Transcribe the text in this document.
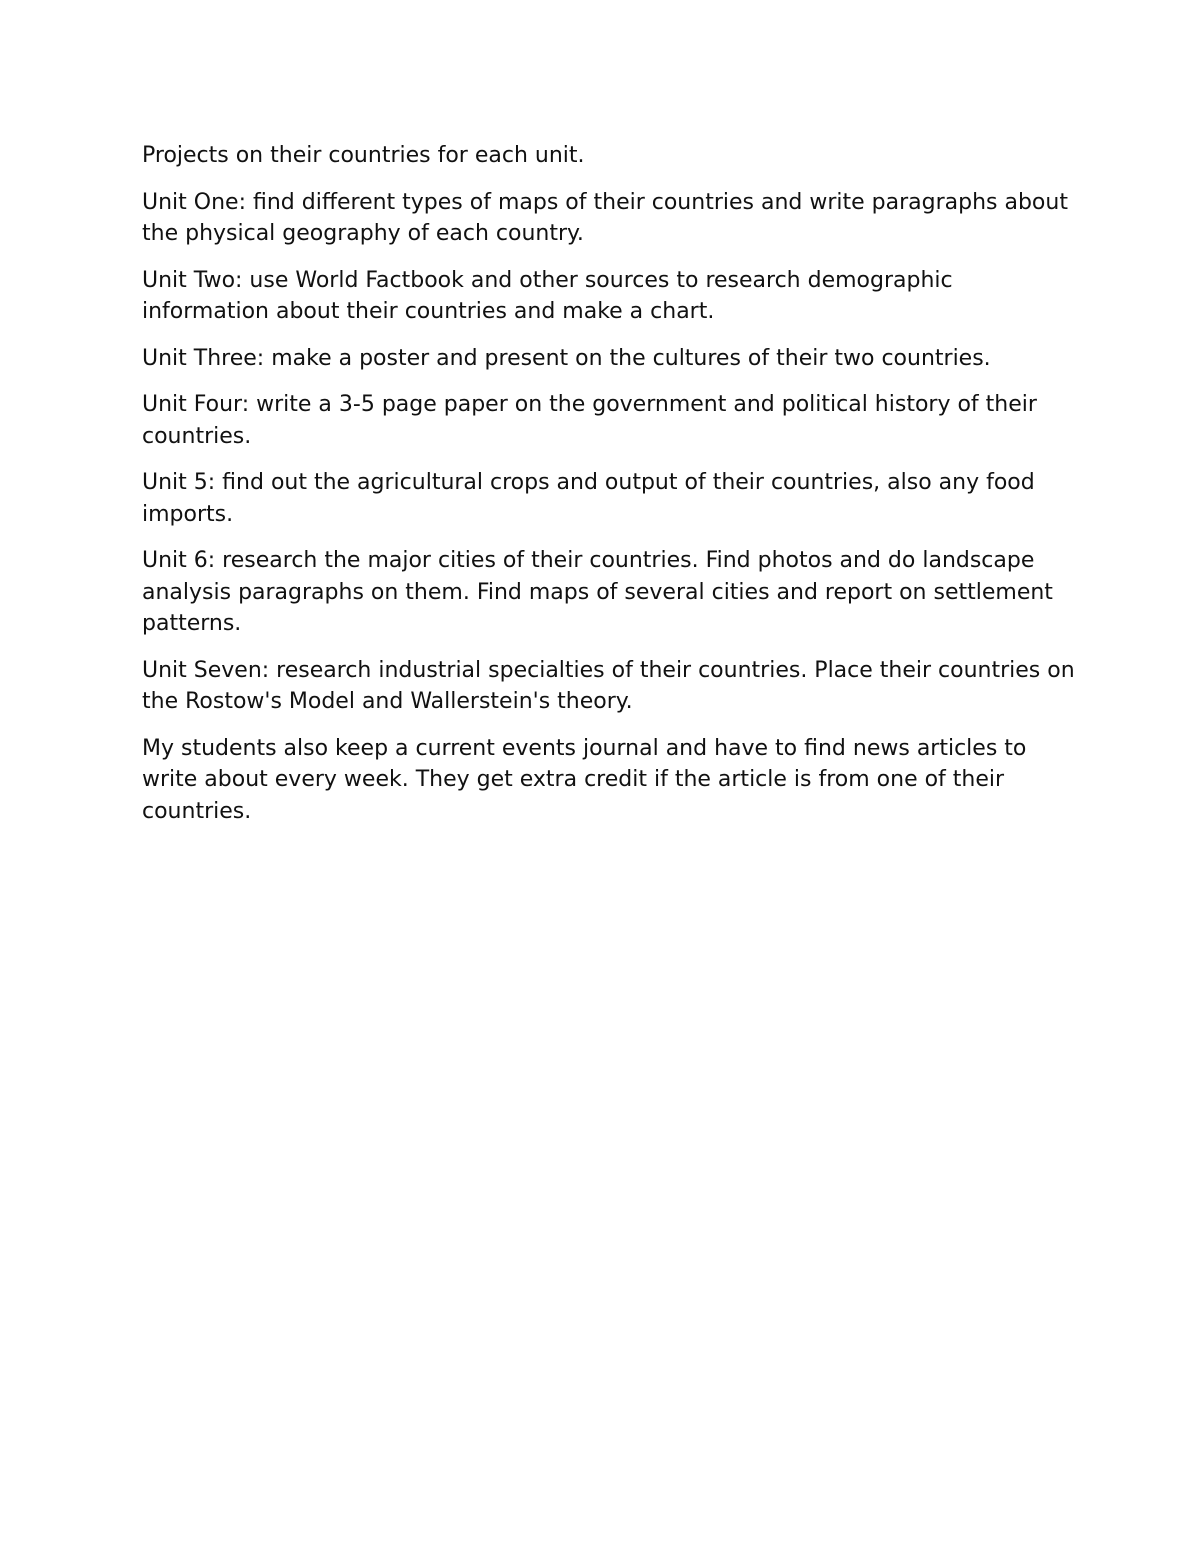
Projects on their countries for each unit.

Unit One: find different types of maps of their countries and write paragraphs about the physical geography of each country.

Unit Two: use World Factbook and other sources to research demographic information about their countries and make a chart.

Unit Three: make a poster and present on the cultures of their two countries.

Unit Four: write a 3-5 page paper on the government and political history of their countries.

Unit 5: find out the agricultural crops and output of their countries, also any food imports.

Unit 6: research the major cities of their countries. Find photos and do landscape analysis paragraphs on them. Find maps of several cities and report on settlement patterns.

Unit Seven: research industrial specialties of their countries. Place their countries on the Rostow's Model and Wallerstein's theory.

My students also keep a current events journal and have to find news articles to write about every week. They get extra credit if the article is from one of their countries.
